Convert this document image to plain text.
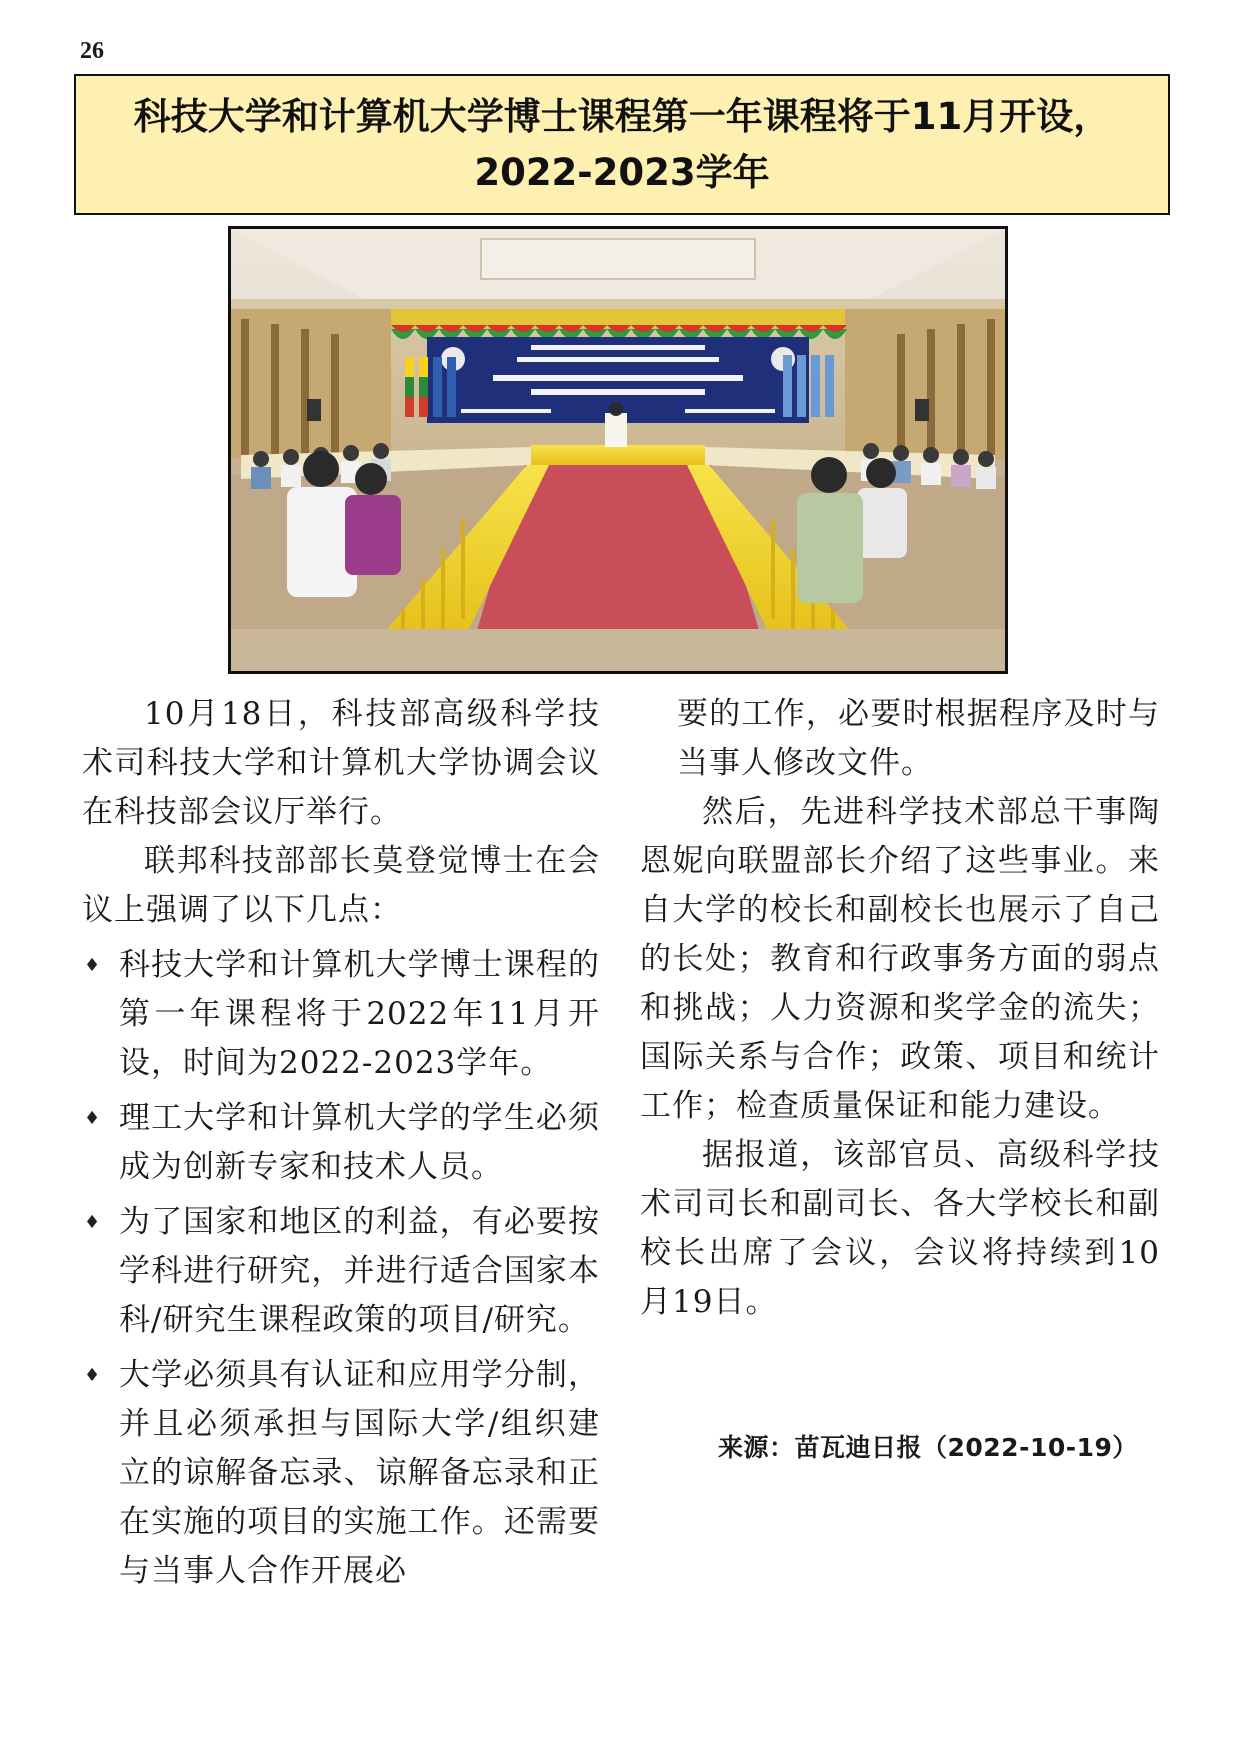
26
科技大学和计算机大学博士课程第一年课程将于11月开设，2022-2023学年

10月18日，科技部高级科学技术司科技大学和计算机大学协调会议在科技部会议厅举行。

联邦科技部部长莫登觉博士在会议上强调了以下几点：

♦ 科技大学和计算机大学博士课程的第一年课程将于2022年11月开设，时间为2022-2023学年。
♦ 理工大学和计算机大学的学生必须成为创新专家和技术人员。
♦ 为了国家和地区的利益，有必要按学科进行研究，并进行适合国家本科/研究生课程政策的项目/研究。
♦ 大学必须具有认证和应用学分制，并且必须承担与国际大学/组织建立的谅解备忘录、谅解备忘录和正在实施的项目的实施工作。还需要与当事人合作开展必

要的工作，必要时根据程序及时与当事人修改文件。

然后，先进科学技术部总干事陶恩妮向联盟部长介绍了这些事业。来自大学的校长和副校长也展示了自己的长处；教育和行政事务方面的弱点和挑战；人力资源和奖学金的流失；国际关系与合作；政策、项目和统计工作；检查质量保证和能力建设。

据报道，该部官员、高级科学技术司司长和副司长、各大学校长和副校长出席了会议，会议将持续到10月19日。

来源：苗瓦迪日报（2022-10-19）
